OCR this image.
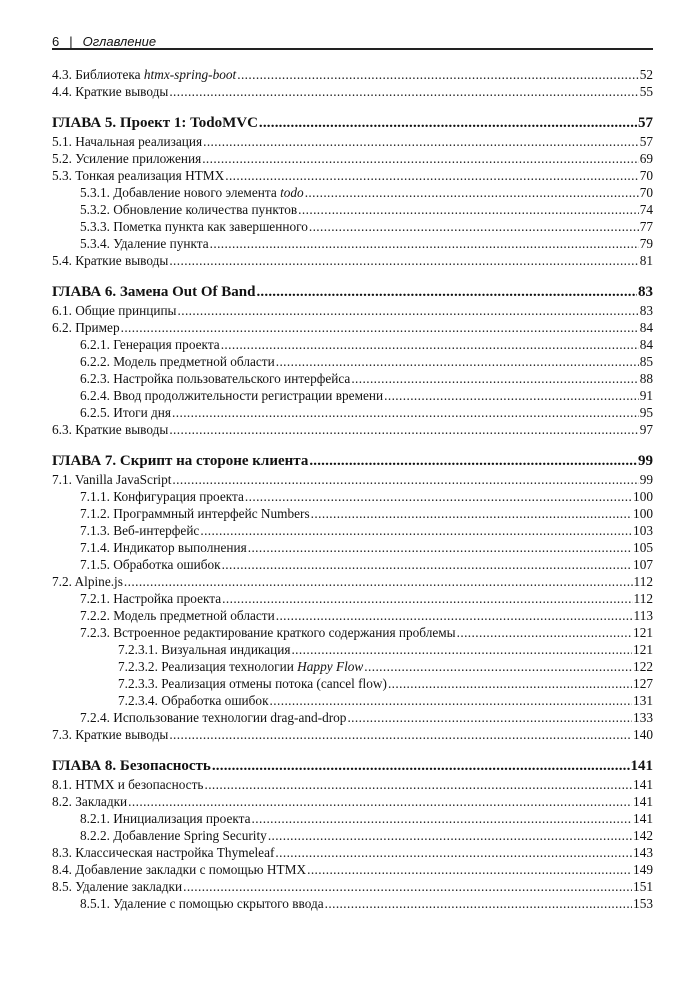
6 | Оглавление
4.3. Библиотека htmx-spring-boot .....	52
4.4. Краткие выводы .....	55
ГЛАВА 5. Проект 1: TodoMVC .....	57
5.1. Начальная реализация .....	57
5.2. Усиление приложения .....	69
5.3. Тонкая реализация HTMX .....	70
5.3.1. Добавление нового элемента todo .....	70
5.3.2. Обновление количества пунктов .....	74
5.3.3. Пометка пункта как завершенного .....	77
5.3.4. Удаление пункта .....	79
5.4. Краткие выводы .....	81
ГЛАВА 6. Замена Out Of Band .....	83
6.1. Общие принципы .....	83
6.2. Пример .....	84
6.2.1. Генерация проекта .....	84
6.2.2. Модель предметной области .....	85
6.2.3. Настройка пользовательского интерфейса .....	88
6.2.4. Ввод продолжительности регистрации времени .....	91
6.2.5. Итоги дня .....	95
6.3. Краткие выводы .....	97
ГЛАВА 7. Скрипт на стороне клиента .....	99
7.1. Vanilla JavaScript .....	99
7.1.1. Конфигурация проекта .....	100
7.1.2. Программный интерфейс Numbers .....	100
7.1.3. Веб-интерфейс .....	103
7.1.4. Индикатор выполнения .....	105
7.1.5. Обработка ошибок .....	107
7.2. Alpine.js .....	112
7.2.1. Настройка проекта .....	112
7.2.2. Модель предметной области .....	113
7.2.3. Встроенное редактирование краткого содержания проблемы .....	121
7.2.3.1. Визуальная индикация .....	121
7.2.3.2. Реализация технологии Happy Flow .....	122
7.2.3.3. Реализация отмены потока (cancel flow) .....	127
7.2.3.4. Обработка ошибок .....	131
7.2.4. Использование технологии drag-and-drop .....	133
7.3. Краткие выводы .....	140
ГЛАВА 8. Безопасность .....	141
8.1. HTMX и безопасность .....	141
8.2. Закладки .....	141
8.2.1. Инициализация проекта .....	141
8.2.2. Добавление Spring Security .....	142
8.3. Классическая настройка Thymeleaf .....	143
8.4. Добавление закладки с помощью HTMX .....	149
8.5. Удаление закладки .....	151
8.5.1. Удаление с помощью скрытого ввода .....	153
